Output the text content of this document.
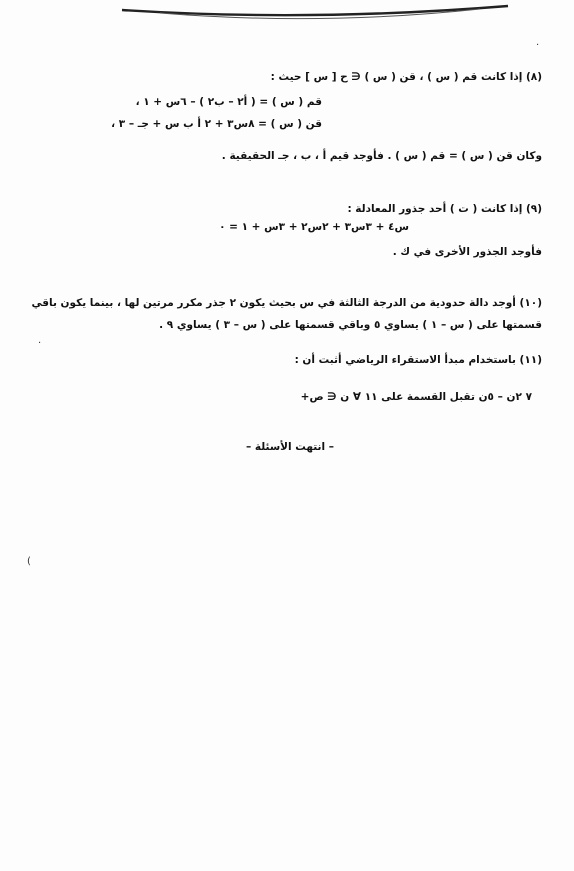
(٨) إذا كانت قم ( س ) ، قن ( س ) ∈ ح [ س ] حيث :
قم ( س ) = ( أ٢ – ب٢ ) – ٦س + ١ ،
قن ( س ) = ٨س٣ + ٢ أ ب س + جـ – ٣ ،
وكان قن ( س ) = قم ( س ) . فأوجد قيم أ ، ب ، جـ الحقيقية .
(٩) إذا كانت ( ت ) أحد جذور المعادلة :
س٤ + ٣س٣ + ٢س٢ + ٣س + ١ = ٠
فأوجد الجذور الأخرى في ك .
(١٠) أوجد دالة حدودية من الدرجة الثالثة في س بحيث يكون ٢ جذر مكرر مرتين لها ، بينما يكون باقي
قسمتها على ( س – ١ ) يساوي ٥ وباقي قسمتها على ( س – ٣ ) يساوي ٩ .
(١١) باستخدام مبدأ الاستقراء الرياضي أثبت أن :
٧ ٢ن – ٥ن تقبل القسمة على ١١ ∀ ن ∈ ص+
– انتهت الأسئلة –
(
·
·
